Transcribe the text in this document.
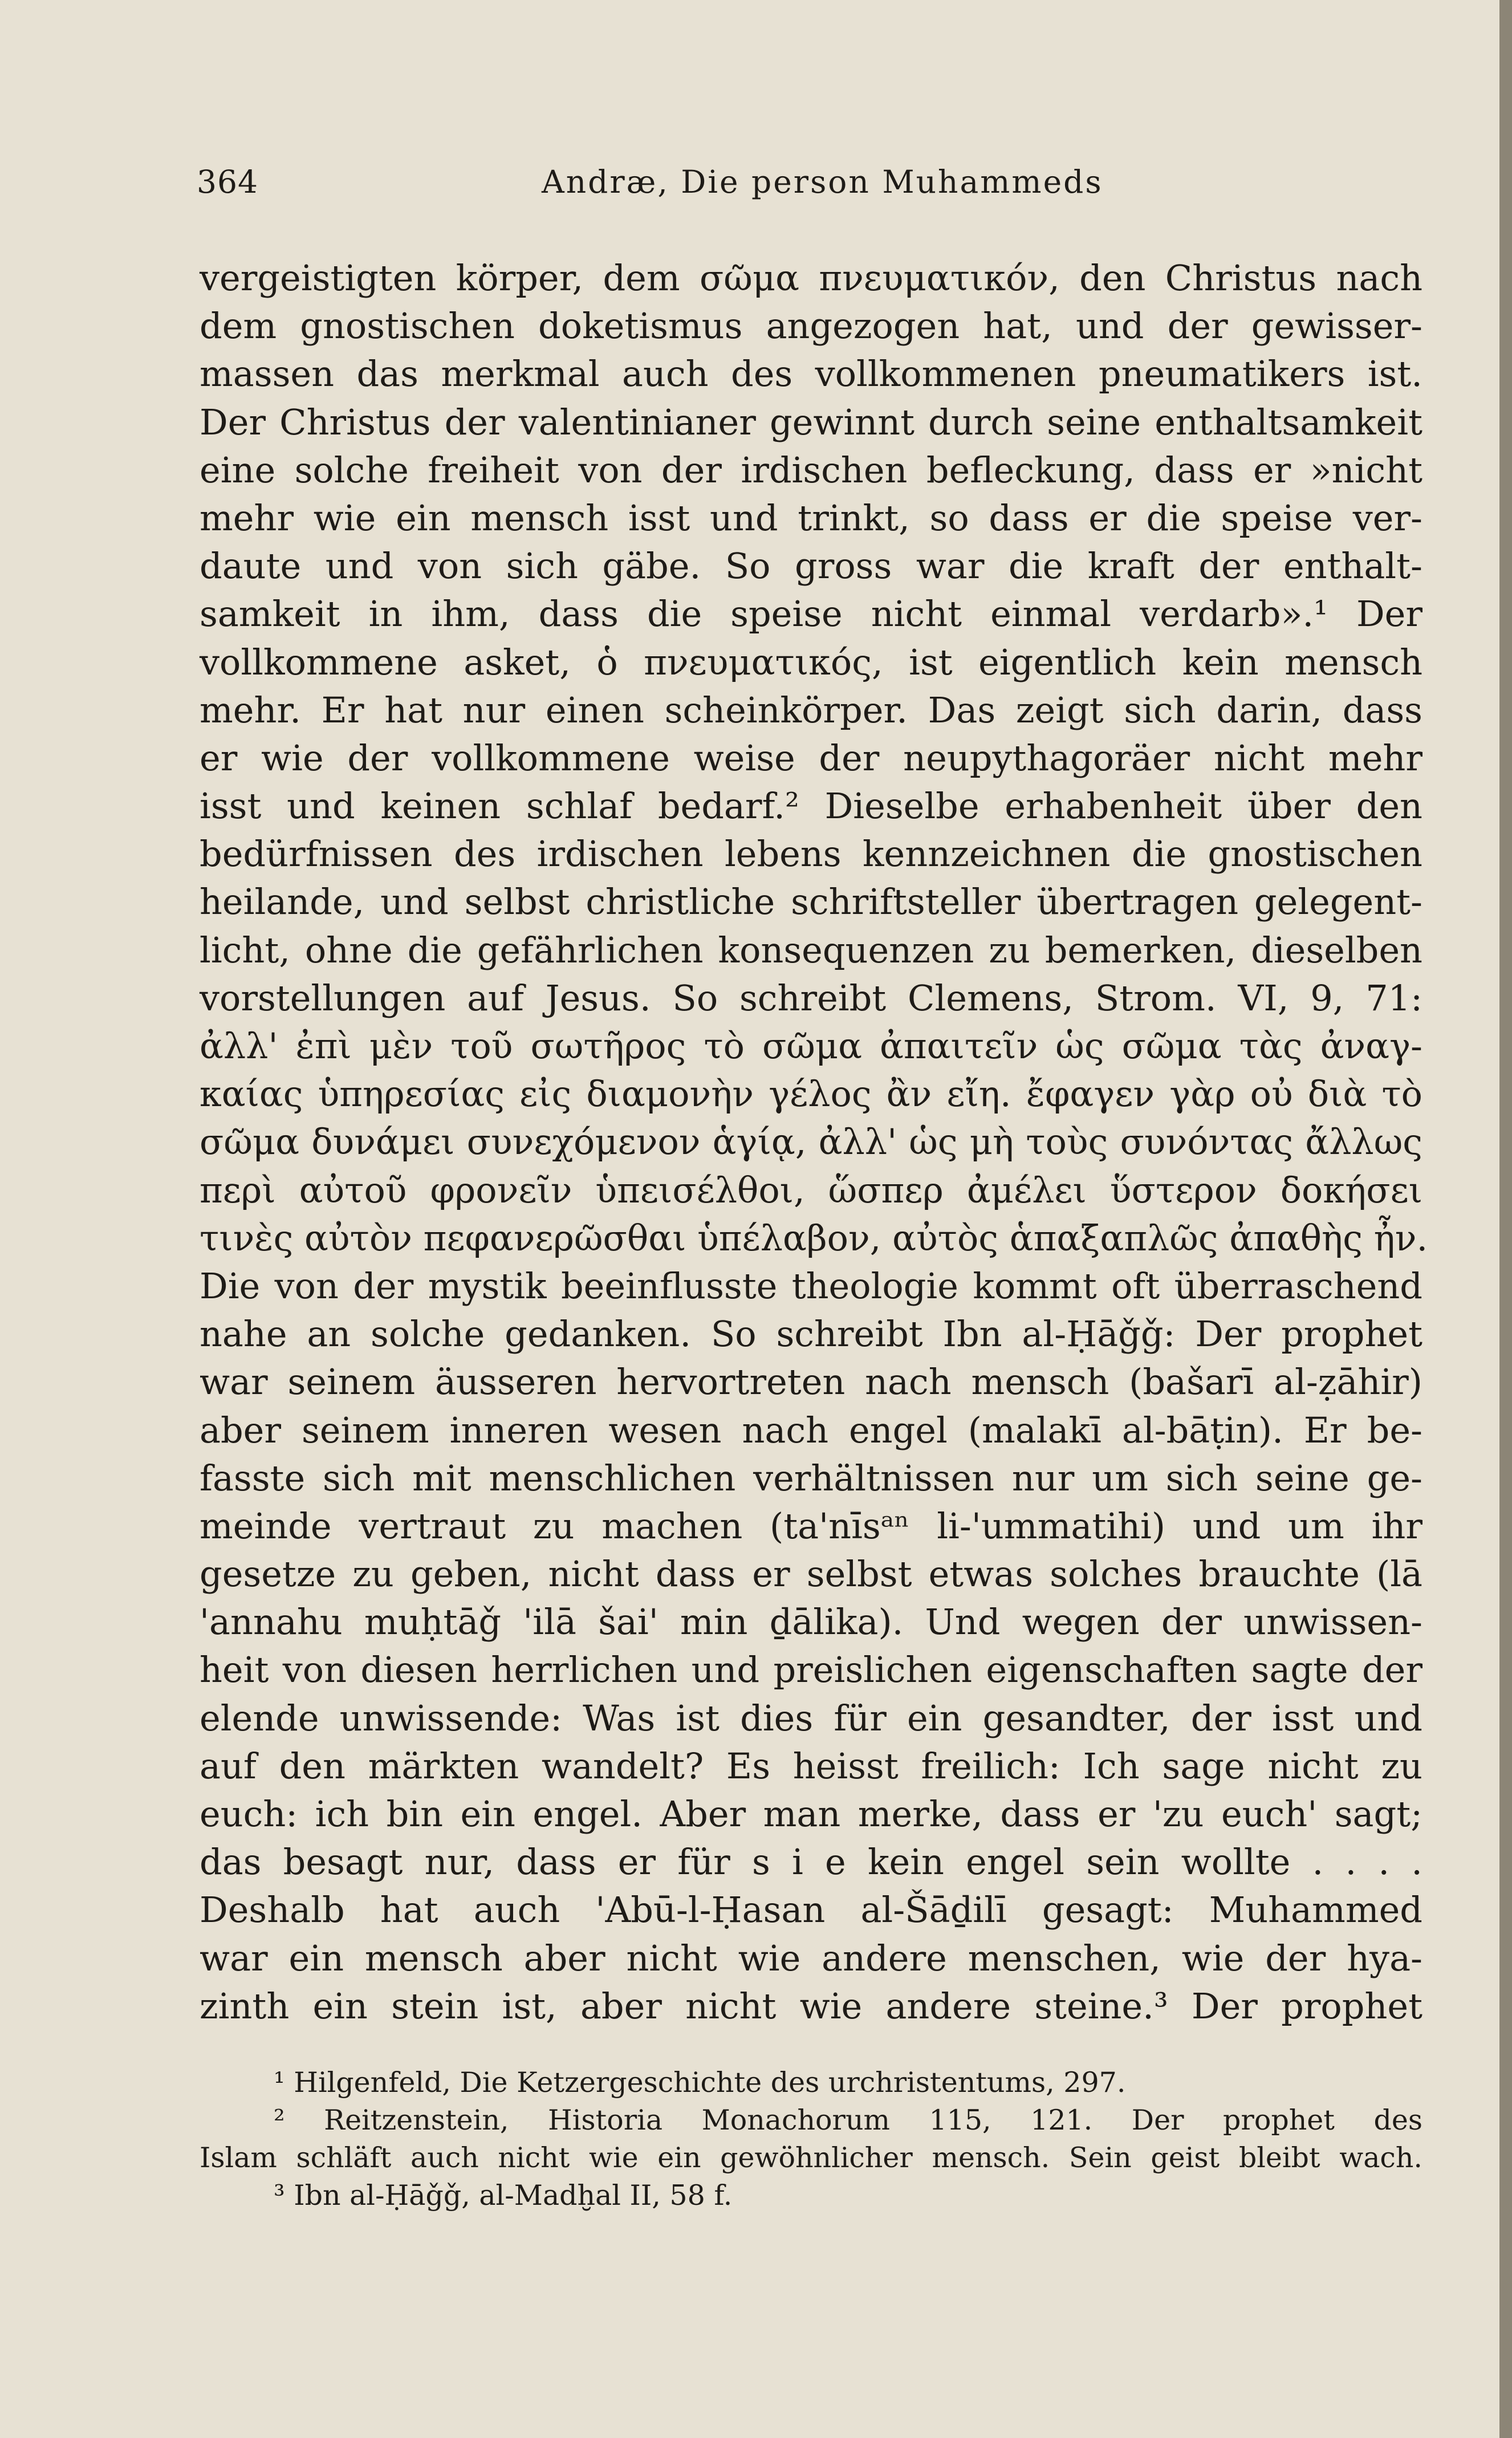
364	Andræ, Die person Muhammeds
vergeistigten körper, dem σῶμα πνευματικόν, den Christus nach
dem gnostischen doketismus angezogen hat, und der gewisser-
massen das merkmal auch des vollkommenen pneumatikers ist.
Der Christus der valentinianer gewinnt durch seine enthaltsamkeit
eine solche freiheit von der irdischen befleckung, dass er »nicht
mehr wie ein mensch isst und trinkt, so dass er die speise ver-
daute und von sich gäbe. So gross war die kraft der enthalt-
samkeit in ihm, dass die speise nicht einmal verdarb».¹ Der
vollkommene asket, ὁ πνευματικός, ist eigentlich kein mensch
mehr. Er hat nur einen scheinkörper. Das zeigt sich darin, dass
er wie der vollkommene weise der neupythagoräer nicht mehr
isst und keinen schlaf bedarf.² Dieselbe erhabenheit über den
bedürfnissen des irdischen lebens kennzeichnen die gnostischen
heilande, und selbst christliche schriftsteller übertragen gelegent-
licht, ohne die gefährlichen konsequenzen zu bemerken, dieselben
vorstellungen auf Jesus. So schreibt Clemens, Strom. VI, 9, 71:
ἀλλ' ἐπὶ μὲν τοῦ σωτῆρος τὸ σῶμα ἀπαιτεῖν ὡς σῶμα τὰς ἀναγ-
καίας ὑπηρεσίας εἰς διαμονὴν γέλος ἂν εἴη. ἔφαγεν γὰρ οὐ διὰ τὸ
σῶμα δυνάμει συνεχόμενον ἁγίᾳ, ἀλλ' ὡς μὴ τοὺς συνόντας ἄλλως
περὶ αὐτοῦ φρονεῖν ὑπεισέλθοι, ὥσπερ ἀμέλει ὕστερον δοκήσει
τινὲς αὐτὸν πεφανερῶσθαι ὑπέλαβον, αὐτὸς ἁπαξαπλῶς ἀπαθὴς ἦν.
Die von der mystik beeinflusste theologie kommt oft überraschend
nahe an solche gedanken. So schreibt Ibn al-Ḥāǧǧ: Der prophet
war seinem äusseren hervortreten nach mensch (bašarī al-ẓāhir)
aber seinem inneren wesen nach engel (malakī al-bāṭin). Er be-
fasste sich mit menschlichen verhältnissen nur um sich seine ge-
meinde vertraut zu machen (ta'nīsᵃⁿ li-'ummatihi) und um ihr
gesetze zu geben, nicht dass er selbst etwas solches brauchte (lā
'annahu muḥtāǧ 'ilā šai' min ḏālika). Und wegen der unwissen-
heit von diesen herrlichen und preislichen eigenschaften sagte der
elende unwissende: Was ist dies für ein gesandter, der isst und
auf den märkten wandelt? Es heisst freilich: Ich sage nicht zu
euch: ich bin ein engel. Aber man merke, dass er 'zu euch' sagt;
das besagt nur, dass er für s i e kein engel sein wollte . . . .
Deshalb hat auch 'Abū-l-Ḥasan al-Šāḏilī gesagt: Muhammed
war ein mensch aber nicht wie andere menschen, wie der hya-
zinth ein stein ist, aber nicht wie andere steine.³ Der prophet
¹ Hilgenfeld, Die Ketzergeschichte des urchristentums, 297.
² Reitzenstein, Historia Monachorum 115, 121. Der prophet des
Islam schläft auch nicht wie ein gewöhnlicher mensch. Sein geist bleibt wach.
³ Ibn al-Ḥāǧǧ, al-Madḫal II, 58 f.
